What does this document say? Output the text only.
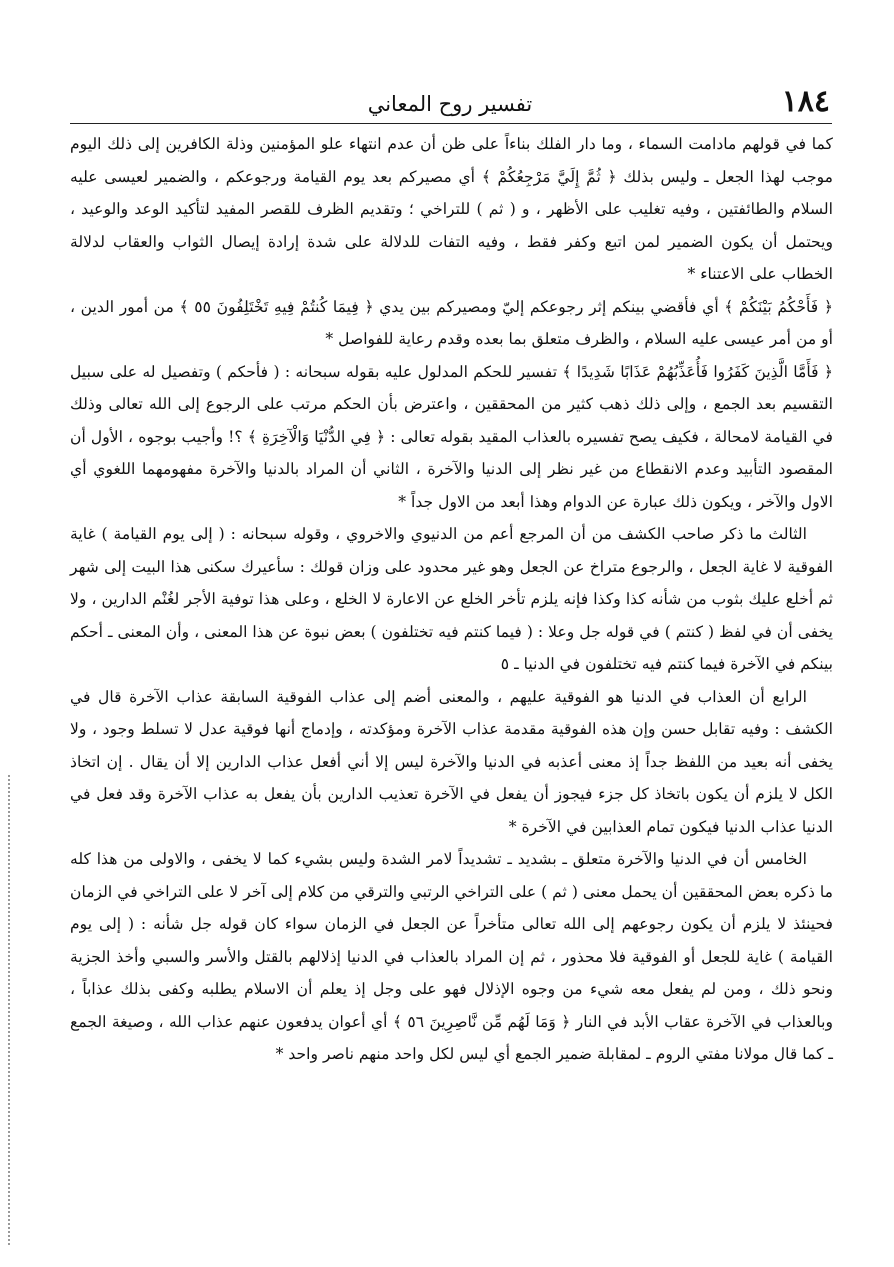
١٨٤
تفسير روح المعاني

كما في قولهم مادامت السماء ، وما دار الفلك بناءاً على ظن أن عدم انتهاء علو المؤمنين وذلة الكافرين إلى ذلك اليوم موجب لهذا الجعل ـ وليس بذلك ﴿ ثُمَّ إِلَيَّ مَرْجِعُكُمْ ﴾ أي مصيركم بعد يوم القيامة ورجوعكم ، والضمير لعيسى عليه السلام والطائفتين ، وفيه تغليب على الأظهر ، و ( ثم ) للتراخي ؛ وتقديم الظرف للقصر المفيد لتأكيد الوعد والوعيد ، ويحتمل أن يكون الضمير لمن اتبع وكفر فقط ، وفيه التفات للدلالة على شدة إرادة إيصال الثواب والعقاب لدلالة الخطاب على الاعتناء *

﴿ فَأَحْكُمُ بَيْنَكُمْ ﴾ أي فأقضي بينكم إثر رجوعكم إليّ ومصيركم بين يدي ﴿ فِيمَا كُنتُمْ فِيهِ تَخْتَلِفُونَ ٥٥ ﴾ من أمور الدين ، أو من أمر عيسى عليه السلام ، والظرف متعلق بما بعده وقدم رعاية للفواصل *

﴿ فَأَمَّا الَّذِينَ كَفَرُوا فَأُعَذِّبُهُمْ عَذَابًا شَدِيدًا ﴾ تفسير للحكم المدلول عليه بقوله سبحانه : ( فأحكم ) وتفصيل له على سبيل التقسيم بعد الجمع ، وإلى ذلك ذهب كثير من المحققين ، واعترض بأن الحكم مرتب على الرجوع إلى الله تعالى وذلك في القيامة لامحالة ، فكيف يصح تفسيره بالعذاب المقيد بقوله تعالى : ﴿ فِي الدُّنْيَا وَالْآخِرَةِ ﴾ ؟! وأجيب بوجوه ، الأول أن المقصود التأبيد وعدم الانقطاع من غير نظر إلى الدنيا والآخرة ، الثاني أن المراد بالدنيا والآخرة مفهومهما اللغوي أي الاول والآخر ، ويكون ذلك عبارة عن الدوام وهذا أبعد من الاول جداً *

الثالث ما ذكر صاحب الكشف من أن المرجع أعم من الدنيوي والاخروي ، وقوله سبحانه : ( إلى يوم القيامة ) غاية الفوقية لا غاية الجعل ، والرجوع متراخ عن الجعل وهو غير محدود على وزان قولك : سأعيرك سكنى هذا البيت إلى شهر ثم أخلع عليك بثوب من شأنه كذا وكذا فإنه يلزم تأخر الخلع عن الاعارة لا الخلع ، وعلى هذا توفية الأجر لغُنْم الدارين ، ولا يخفى أن في لفظ ( كنتم ) في قوله جل وعلا : ( فيما كنتم فيه تختلفون ) بعض نبوة عن هذا المعنى ، وأن المعنى ـ أحكم بينكم في الآخرة فيما كنتم فيه تختلفون في الدنيا ـ ٥

الرابع أن العذاب في الدنيا هو الفوقية عليهم ، والمعنى أضم إلى عذاب الفوقية السابقة عذاب الآخرة قال في الكشف : وفيه تقابل حسن وإن هذه الفوقية مقدمة عذاب الآخرة ومؤكدته ، وإدماج أنها فوقية عدل لا تسلط وجود ، ولا يخفى أنه بعيد من اللفظ جداً إذ معنى أعذبه في الدنيا والآخرة ليس إلا أني أفعل عذاب الدارين إلا أن يقال . إن اتخاذ الكل لا يلزم أن يكون باتخاذ كل جزء فيجوز أن يفعل في الآخرة تعذيب الدارين بأن يفعل به عذاب الآخرة وقد فعل في الدنيا عذاب الدنيا فيكون تمام العذابين في الآخرة *

الخامس أن في الدنيا والآخرة متعلق ـ بشديد ـ تشديداً لامر الشدة وليس بشيء كما لا يخفى ، والاولى من هذا كله ما ذكره بعض المحققين أن يحمل معنى ( ثم ) على التراخي الرتبي والترقي من كلام إلى آخر لا على التراخي في الزمان فحينئذ لا يلزم أن يكون رجوعهم إلى الله تعالى متأخراً عن الجعل في الزمان سواء كان قوله جل شأنه : ( إلى يوم القيامة ) غاية للجعل أو الفوقية فلا محذور ، ثم إن المراد بالعذاب في الدنيا إذلالهم بالقتل والأسر والسبي وأخذ الجزية ونحو ذلك ، ومن لم يفعل معه شيء من وجوه الإذلال فهو على وجل إذ يعلم أن الاسلام يطلبه وكفى بذلك عذاباً ، وبالعذاب في الآخرة عقاب الأبد في النار ﴿ وَمَا لَهُم مِّن نَّاصِرِينَ ٥٦ ﴾ أي أعوان يدفعون عنهم عذاب الله ، وصيغة الجمع ـ كما قال مولانا مفتي الروم ـ لمقابلة ضمير الجمع أي ليس لكل واحد منهم ناصر واحد *
